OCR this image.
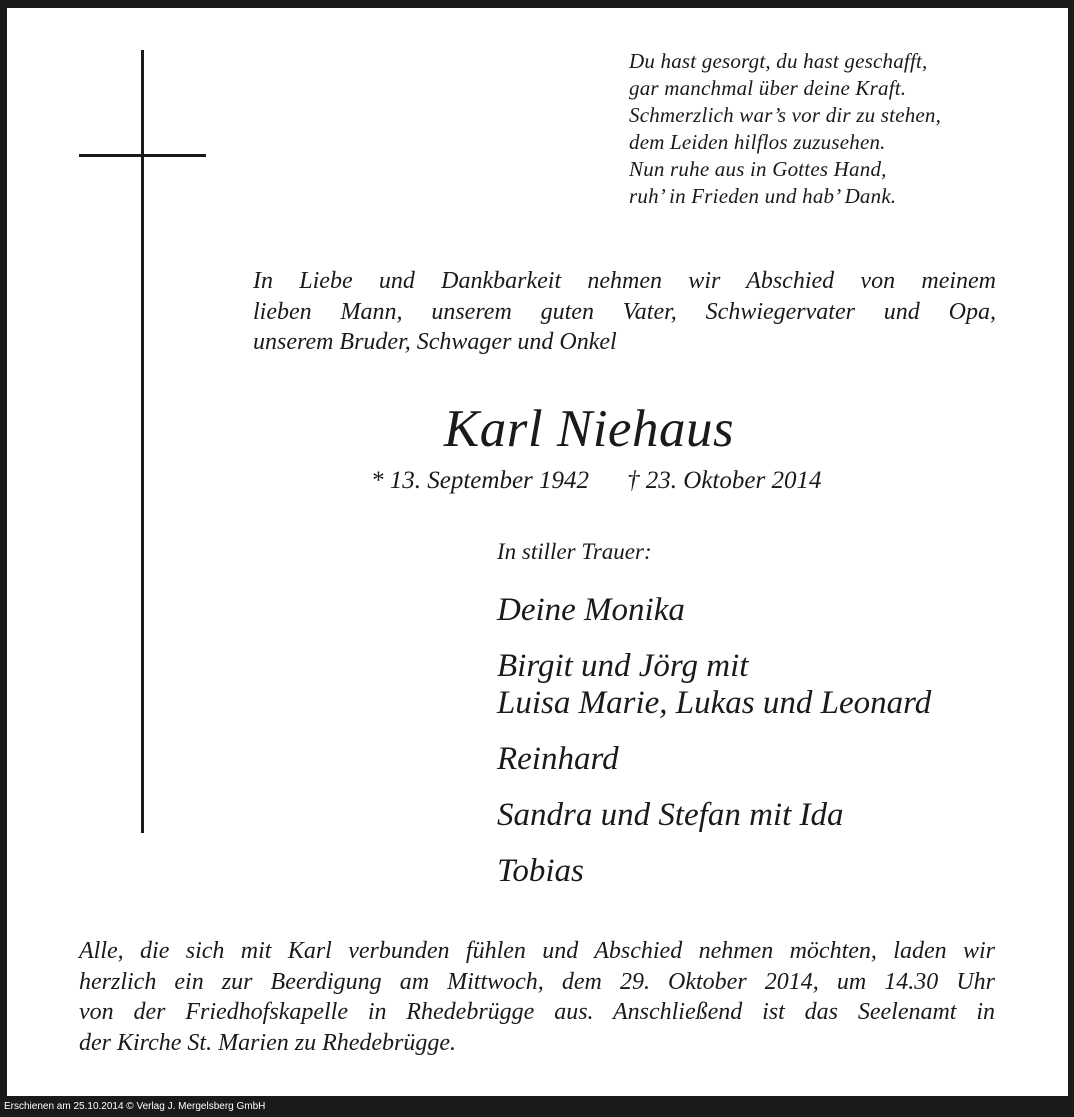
Du hast gesorgt, du hast geschafft,
gar manchmal über deine Kraft.
Schmerzlich war’s vor dir zu stehen,
dem Leiden hilflos zuzusehen.
Nun ruhe aus in Gottes Hand,
ruh’ in Frieden und hab’ Dank.
In Liebe und Dankbarkeit nehmen wir Abschied von meinem
lieben Mann, unserem guten Vater, Schwiegervater und Opa,
unserem Bruder, Schwager und Onkel
Karl Niehaus
* 13. September 1942 † 23. Oktober 2014
In stiller Trauer:
Deine Monika
Birgit und Jörg mit
Luisa Marie, Lukas und Leonard
Reinhard
Sandra und Stefan mit Ida
Tobias
Alle, die sich mit Karl verbunden fühlen und Abschied nehmen möchten, laden wir
herzlich ein zur Beerdigung am Mittwoch, dem 29. Oktober 2014, um 14.30 Uhr
von der Friedhofskapelle in Rhedebrügge aus. Anschließend ist das Seelenamt in
der Kirche St. Marien zu Rhedebrügge.
Erschienen am 25.10.2014 © Verlag J. Mergelsberg GmbH
